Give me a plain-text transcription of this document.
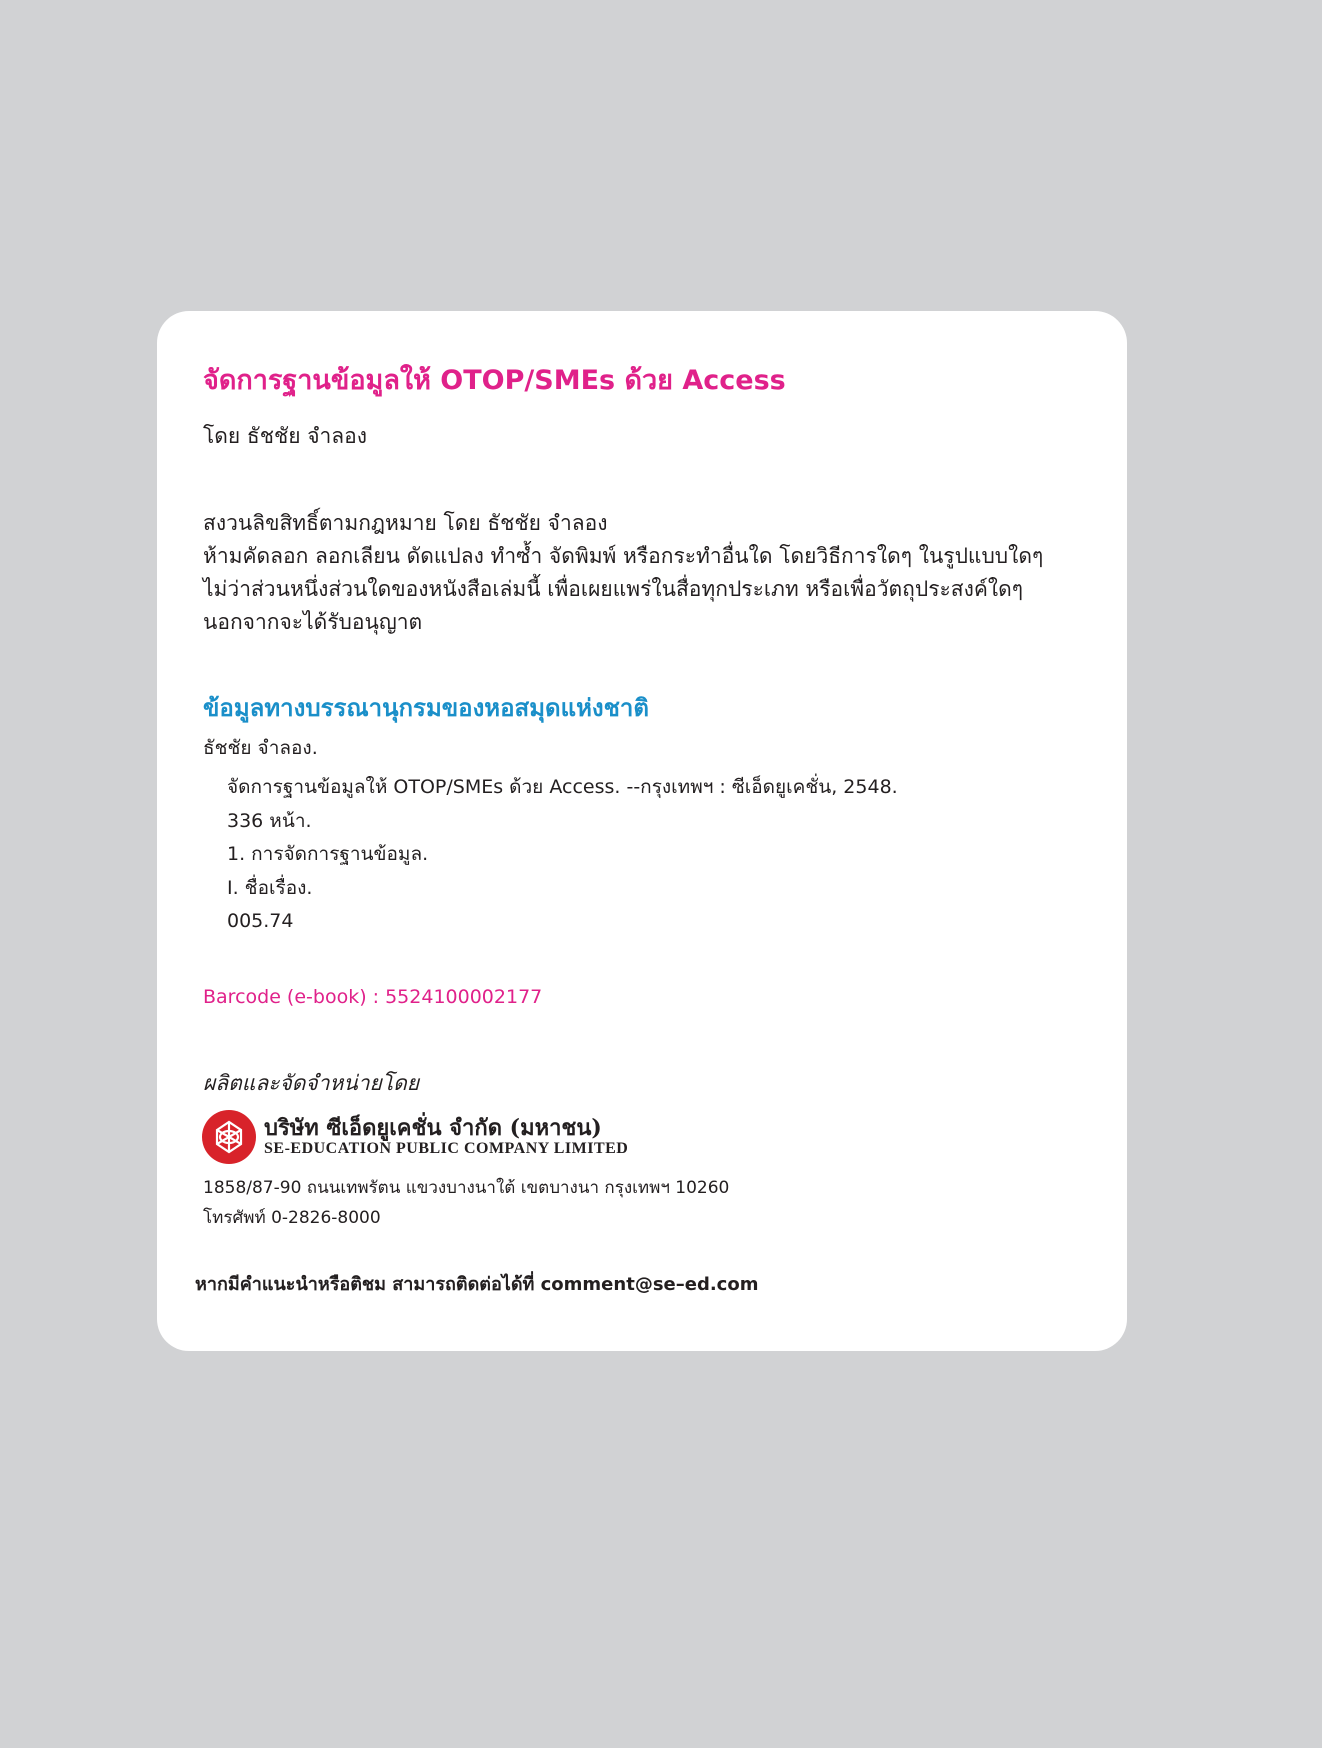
จัดการฐานข้อมูลให้ OTOP/SMEs ด้วย Access
โดย ธัชชัย จำลอง
สงวนลิขสิทธิ์ตามกฎหมาย โดย ธัชชัย จำลอง
ห้ามคัดลอก ลอกเลียน ดัดแปลง ทำซ้ำ จัดพิมพ์ หรือกระทำอื่นใด โดยวิธีการใดๆ ในรูปแบบใดๆ
ไม่ว่าส่วนหนึ่งส่วนใดของหนังสือเล่มนี้ เพื่อเผยแพร่ในสื่อทุกประเภท หรือเพื่อวัตถุประสงค์ใดๆ
นอกจากจะได้รับอนุญาต
ข้อมูลทางบรรณานุกรมของหอสมุดแห่งชาติ
ธัชชัย จำลอง.
จัดการฐานข้อมูลให้ OTOP/SMEs ด้วย Access. --กรุงเทพฯ : ซีเอ็ดยูเคชั่น, 2548.
336 หน้า.
1. การจัดการฐานข้อมูล.
I. ชื่อเรื่อง.
005.74
Barcode (e-book) : 5524100002177
ผลิตและจัดจำหน่ายโดย
บริษัท ซีเอ็ดยูเคชั่น จำกัด (มหาชน)
SE-EDUCATION PUBLIC COMPANY LIMITED
1858/87-90 ถนนเทพรัตน แขวงบางนาใต้ เขตบางนา กรุงเทพฯ 10260
โทรศัพท์ 0-2826-8000
หากมีคำแนะนำหรือติชม สามารถติดต่อได้ที่ comment@se–ed.com
